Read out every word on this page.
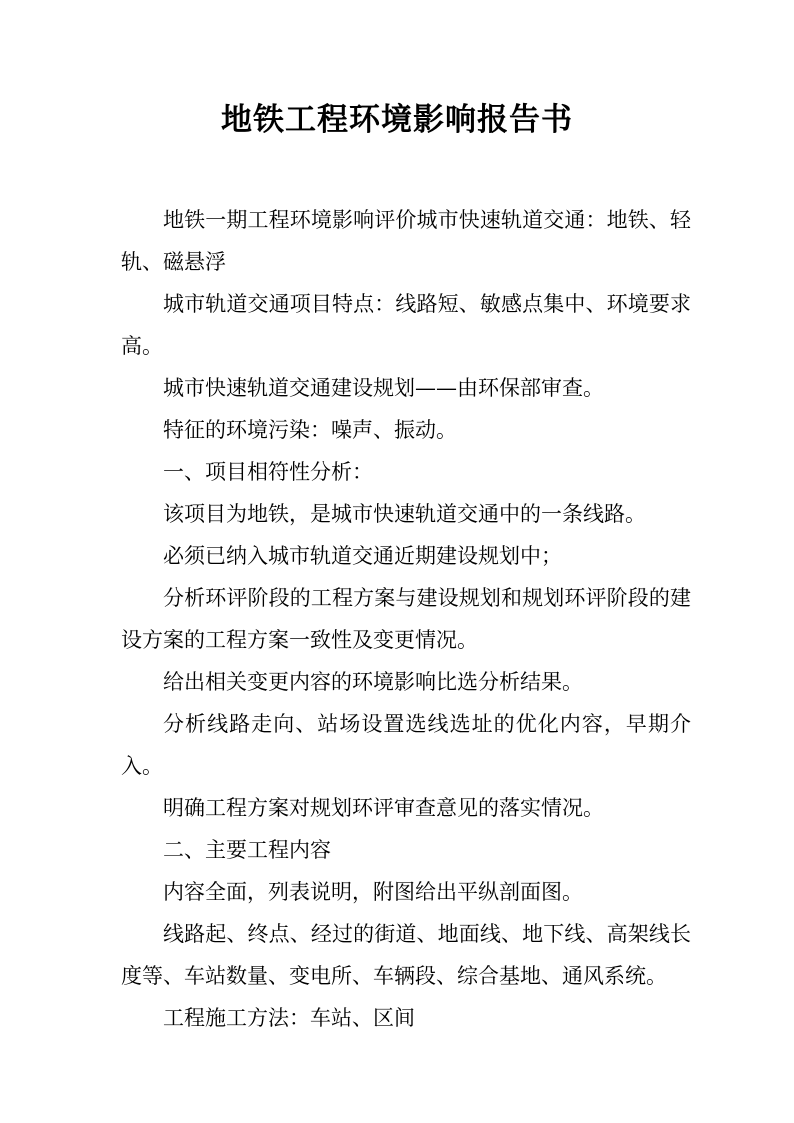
地铁工程环境影响报告书

地铁一期工程环境影响评价城市快速轨道交通：地铁、轻轨、磁悬浮

城市轨道交通项目特点：线路短、敏感点集中、环境要求高。

城市快速轨道交通建设规划——由环保部审查。

特征的环境污染：噪声、振动。

一、项目相符性分析：

该项目为地铁，是城市快速轨道交通中的一条线路。

必须已纳入城市轨道交通近期建设规划中；

分析环评阶段的工程方案与建设规划和规划环评阶段的建设方案的工程方案一致性及变更情况。

给出相关变更内容的环境影响比选分析结果。

分析线路走向、站场设置选线选址的优化内容，早期介入。

明确工程方案对规划环评审查意见的落实情况。

二、主要工程内容

内容全面，列表说明，附图给出平纵剖面图。

线路起、终点、经过的街道、地面线、地下线、高架线长度等、车站数量、变电所、车辆段、综合基地、通风系统。

工程施工方法：车站、区间
